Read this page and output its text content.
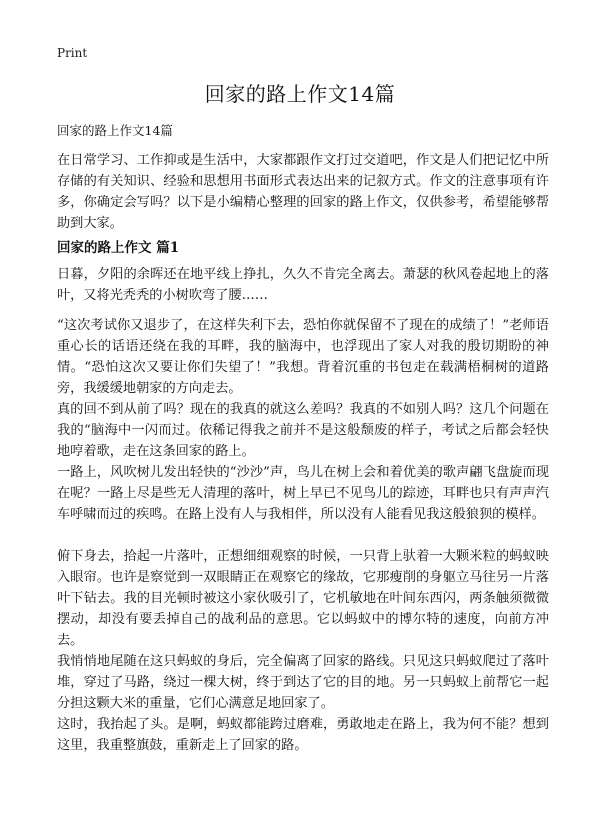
Print
回家的路上作文14篇
回家的路上作文14篇

在日常学习、工作抑或是生活中，大家都跟作文打过交道吧，作文是人们把记忆中所存储的有关知识、经验和思想用书面形式表达出来的记叙方式。作文的注意事项有许多，你确定会写吗？以下是小编精心整理的回家的路上作文，仅供参考，希望能够帮助到大家。

回家的路上作文 篇1

日暮，夕阳的余晖还在地平线上挣扎，久久不肯完全离去。萧瑟的秋风卷起地上的落叶，又将光秃秃的小树吹弯了腰……

“这次考试你又退步了，在这样失利下去，恐怕你就保留不了现在的成绩了！”老师语重心长的话语还绕在我的耳畔，我的脑海中，也浮现出了家人对我的殷切期盼的神情。“恐怕这次又要让你们失望了！”我想。背着沉重的书包走在载满梧桐树的道路旁，我缓缓地朝家的方向走去。

真的回不到从前了吗？现在的我真的就这么差吗？我真的不如别人吗？这几个问题在我的“脑海中一闪而过。依稀记得我之前并不是这般颓废的样子，考试之后都会轻快地哼着歌，走在这条回家的路上。

一路上，风吹树儿发出轻快的“沙沙”声，鸟儿在树上会和着优美的歌声翩飞盘旋而现在呢？一路上尽是些无人清理的落叶，树上早已不见鸟儿的踪迹，耳畔也只有声声汽车呼啸而过的疾鸣。在路上没有人与我相伴，所以没有人能看见我这般狼狈的模样。

俯下身去，拾起一片落叶，正想细细观察的时候，一只背上驮着一大颗米粒的蚂蚁映入眼帘。也许是察觉到一双眼睛正在观察它的缘故，它那瘦削的身躯立马往另一片落叶下钻去。我的目光顿时被这小家伙吸引了，它机敏地在叶间东西闪，两条触须微微摆动，却没有要丢掉自己的战利品的意思。它以蚂蚁中的博尔特的速度，向前方冲去。

我悄悄地尾随在这只蚂蚁的身后，完全偏离了回家的路线。只见这只蚂蚁爬过了落叶堆，穿过了马路，绕过一棵大树，终于到达了它的目的地。另一只蚂蚁上前帮它一起分担这颗大米的重量，它们心满意足地回家了。

这时，我抬起了头。是啊，蚂蚁都能跨过磨难，勇敢地走在路上，我为何不能？想到这里，我重整旗鼓，重新走上了回家的路。
